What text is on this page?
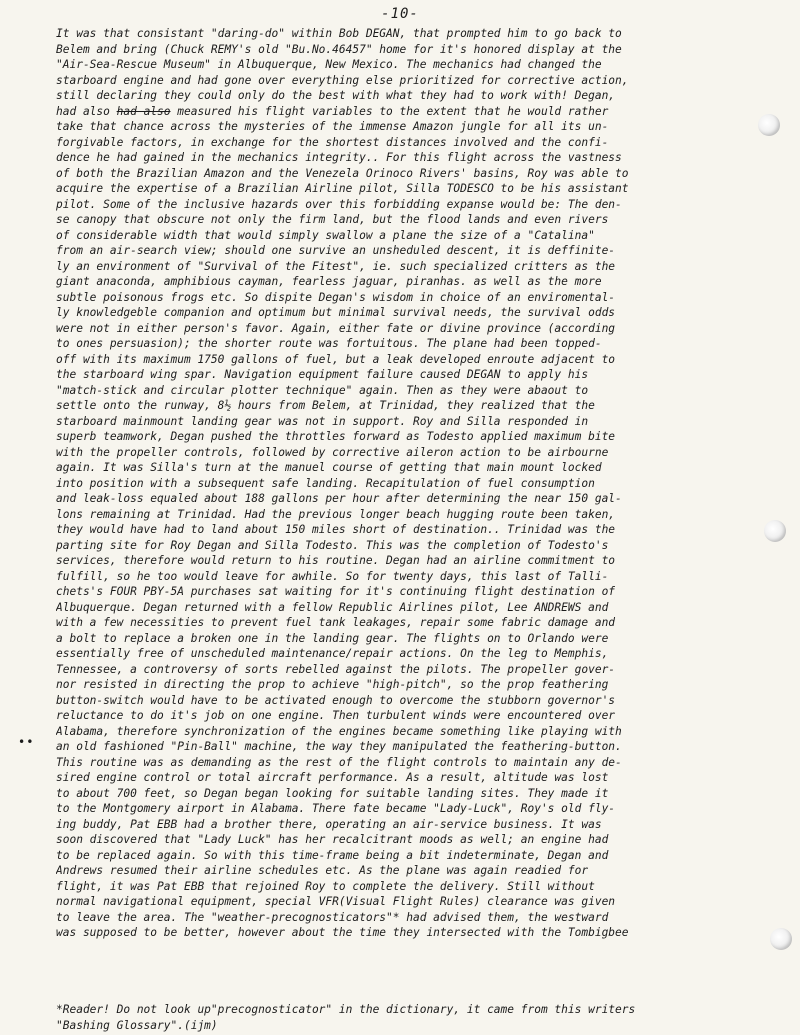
-10-
It was that consistant "daring-do" within Bob DEGAN, that prompted him to go back to
Belem and bring (Chuck REMY's old "Bu.No.46457" home for it's honored display at the
"Air-Sea-Rescue Museum" in Albuquerque, New Mexico. The mechanics had changed the
starboard engine and had gone over everything else prioritized for corrective action,
still declaring they could only do the best with what they had to work with! Degan,
had also had also measured his flight variables to the extent that he would rather
take that chance across the mysteries of the immense Amazon jungle for all its un-
forgivable factors, in exchange for the shortest distances involved and the confi-
dence he had gained in the mechanics integrity.. For this flight across the vastness
of both the Brazilian Amazon and the Venezela Orinoco Rivers' basins, Roy was able to
acquire the expertise of a Brazilian Airline pilot, Silla TODESCO to be his assistant
pilot. Some of the inclusive hazards over this forbidding expanse would be: The den-
se canopy that obscure not only the firm land, but the flood lands and even rivers
of considerable width that would simply swallow a plane the size of a "Catalina"
from an air-search view; should one survive an unsheduled descent, it is deffinite-
ly an environment of "Survival of the Fitest", ie. such specialized critters as the
giant anaconda, amphibious cayman, fearless jaguar, piranhas. as well as the more
subtle poisonous frogs etc. So dispite Degan's wisdom in choice of an enviromental-
ly knowledgeble companion and optimum but minimal survival needs, the survival odds
were not in either person's favor. Again, either fate or divine province (according
to ones persuasion); the shorter route was fortuitous. The plane had been topped-
off with its maximum 1750 gallons of fuel, but a leak developed enroute adjacent to
the starboard wing spar. Navigation equipment failure caused DEGAN to apply his
"match-stick and circular plotter technique" again. Then as they were abaout to
settle onto the runway, 8½ hours from Belem, at Trinidad, they realized that the
starboard mainmount landing gear was not in support. Roy and Silla responded in
superb teamwork, Degan pushed the throttles forward as Todesto applied maximum bite
with the propeller controls, followed by corrective aileron action to be airbourne
again. It was Silla's turn at the manuel course of getting that main mount locked
into position with a subsequent safe landing. Recapitulation of fuel consumption
and leak-loss equaled about 188 gallons per hour after determining the near 150 gal-
lons remaining at Trinidad. Had the previous longer beach hugging route been taken,
they would have had to land about 150 miles short of destination.. Trinidad was the
parting site for Roy Degan and Silla Todesto. This was the completion of Todesto's
services, therefore would return to his routine. Degan had an airline commitment to
fulfill, so he too would leave for awhile. So for twenty days, this last of Talli-
chets's FOUR PBY-5A purchases sat waiting for it's continuing flight destination of
Albuquerque. Degan returned with a fellow Republic Airlines pilot, Lee ANDREWS and
with a few necessities to prevent fuel tank leakages, repair some fabric damage and
a bolt to replace a broken one in the landing gear. The flights on to Orlando were
essentially free of unscheduled maintenance/repair actions. On the leg to Memphis,
Tennessee, a controversy of sorts rebelled against the pilots. The propeller gover-
nor resisted in directing the prop to achieve "high-pitch", so the prop feathering
button-switch would have to be activated enough to overcome the stubborn governor's
reluctance to do it's job on one engine. Then turbulent winds were encountered over
Alabama, therefore synchronization of the engines became something like playing with
an old fashioned "Pin-Ball" machine, the way they manipulated the feathering-button.
This routine was as demanding as the rest of the flight controls to maintain any de-
sired engine control or total aircraft performance. As a result, altitude was lost
to about 700 feet, so Degan began looking for suitable landing sites. They made it
to the Montgomery airport in Alabama. There fate became "Lady-Luck", Roy's old fly-
ing buddy, Pat EBB had a brother there, operating an air-service business. It was
soon discovered that "Lady Luck" has her recalcitrant moods as well; an engine had
to be replaced again. So with this time-frame being a bit indeterminate, Degan and
Andrews resumed their airline schedules etc. As the plane was again readied for
flight, it was Pat EBB that rejoined Roy to complete the delivery. Still without
normal navigational equipment, special VFR(Visual Flight Rules) clearance was given
to leave the area. The "weather-precognosticators"* had advised them, the westward
was supposed to be better, however about the time they intersected with the Tombigbee
*Reader! Do not look up"precognosticator" in the dictionary, it came from this writers
"Bashing Glossary".(ijm)
••
